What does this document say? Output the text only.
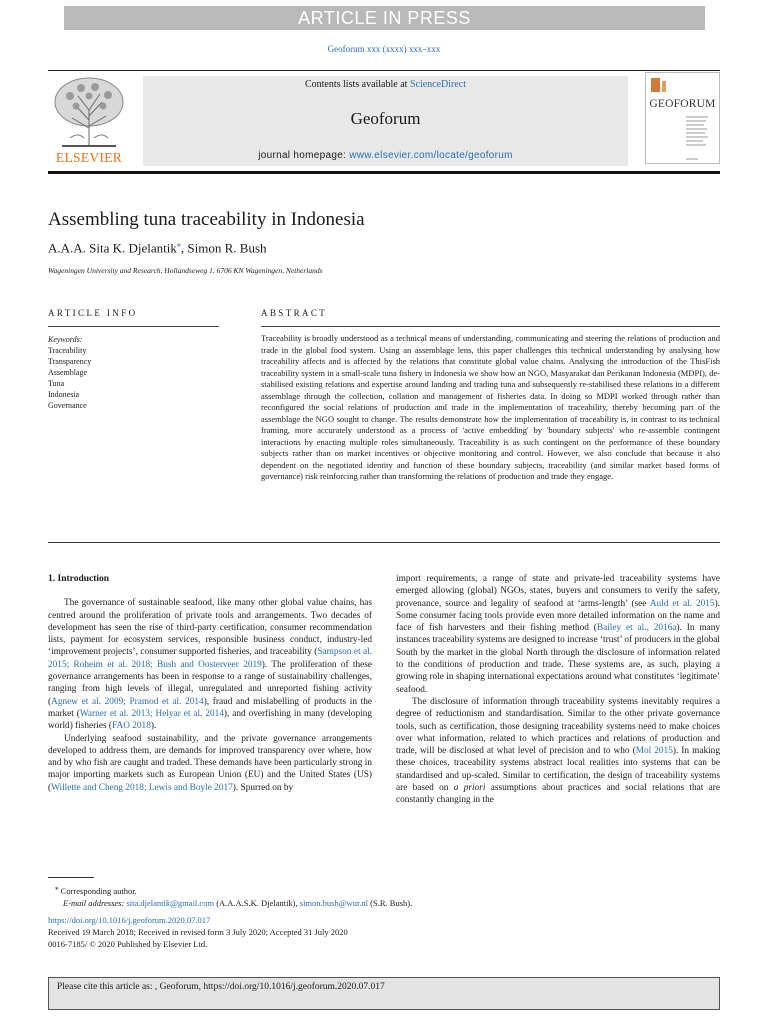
ARTICLE IN PRESS
Geoforum xxx (xxxx) xxx–xxx
ELSEVIER
Contents lists available at ScienceDirect
Geoforum
journal homepage: www.elsevier.com/locate/geoforum
GEOFORUM
Assembling tuna traceability in Indonesia
A.A.A. Sita K. Djelantik⁎, Simon R. Bush
Wageningen University and Research, Hollandseweg 1, 6706 KN Wageningen, Netherlands
ARTICLE INFO	ABSTRACT
Keywords:
Traceability
Transparency
Assemblage
Tuna
Indonesia
Governance
Traceability is broadly understood as a technical means of understanding, communicating and steering the relations of production and trade in the global food system. Using an assemblage lens, this paper challenges this technical understanding by analysing how traceability affects and is affected by the relations that constitute global value chains. Analysing the introduction of the ThisFish traceability system in a small-scale tuna fishery in Indonesia we show how an NGO, Masyarakat dan Perikanan Indonesia (MDPI), de-stabilised existing relations and expertise around landing and trading tuna and subsequently re-stabilised these relations in a different assemblage through the collection, collation and management of fisheries data. In doing so MDPI worked through rather than reconfigured the social relations of production and trade in the implementation of traceability, thereby becoming part of the assemblage the NGO sought to change. The results demonstrate how the implementation of traceability is, in contrast to its technical framing, more accurately understood as a process of 'active embedding' by 'boundary subjects' who re-assemble contingent interactions by enacting multiple roles simultaneously. Traceability is as such contingent on the performance of these boundary subjects rather than on market incentives or objective monitoring and control. However, we also conclude that because it also dependent on the negotiated identity and function of these boundary subjects, traceability (and similar market based forms of governance) risk reinforcing rather than transforming the relations of production and trade they engage.
1. Introduction

The governance of sustainable seafood, like many other global value chains, has centred around the proliferation of private tools and arrangements. Two decades of development has seen the rise of third-party certification, consumer recommendation lists, payment for ecosystem services, responsible business conduct, industry-led ‘improvement projects’, consumer supported fisheries, and traceability (Sampson et al. 2015; Roheim et al. 2018; Bush and Oosterveer 2019). The proliferation of these governance arrangements has been in response to a range of sustainability challenges, ranging from high levels of illegal, unregulated and unreported fishing activity (Agnew et al. 2009; Pramod et al. 2014), fraud and mislabelling of products in the market (Warner et al. 2013; Helyar et al. 2014), and overfishing in many (developing world) fisheries (FAO 2018).

Underlying seafood sustainability, and the private governance arrangements developed to address them, are demands for improved transparency over where, how and by who fish are caught and traded. These demands have been particularly strong in major importing markets such as European Union (EU) and the United States (US) (Willette and Cheng 2018; Lewis and Boyle 2017). Spurred on by

import requirements, a range of state and private-led traceability systems have emerged allowing (global) NGOs, states, buyers and consumers to verify the safety, provenance, source and legality of seafood at ‘arms-length’ (see Auld et al. 2015). Some consumer facing tools provide even more detailed information on the name and face of fish harvesters and their fishing method (Bailey et al., 2016a). In many instances traceability systems are designed to increase ‘trust’ of producers in the global South by the market in the global North through the disclosure of information related to the conditions of production and trade. These systems are, as such, playing a growing role in shaping international expectations around what constitutes ‘legitimate’ seafood.

The disclosure of information through traceability systems inevitably requires a degree of reductionism and standardisation. Similar to the other private governance tools, such as certification, those designing traceability systems need to make choices over what information, related to which practices and relations of production and trade, will be disclosed at what level of precision and to who (Mol 2015). In making these choices, traceability systems abstract local realities into systems that can be standardised and up-scaled. Similar to certification, the design of traceability systems are based on a priori assumptions about practices and social relations that are constantly changing in the

⁎ Corresponding author.
E-mail addresses: sita.djelantik@gmail.com (A.A.A.S.K. Djelantik), simon.bush@wur.nl (S.R. Bush).
https://doi.org/10.1016/j.geoforum.2020.07.017
Received 19 March 2018; Received in revised form 3 July 2020; Accepted 31 July 2020
0016-7185/ © 2020 Published by Elsevier Ltd.
Please cite this article as: , Geoforum, https://doi.org/10.1016/j.geoforum.2020.07.017
